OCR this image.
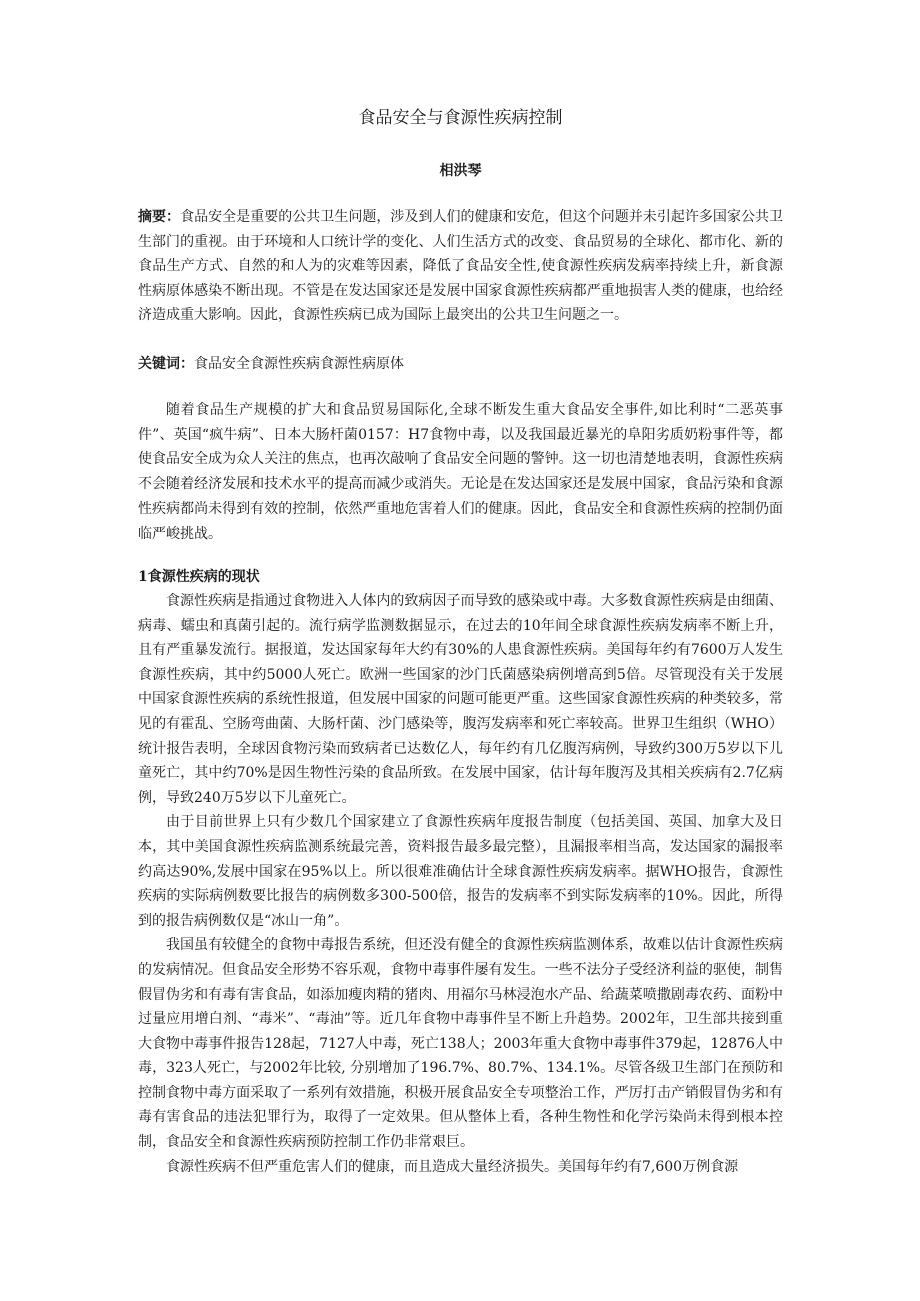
食品安全与食源性疾病控制

相洪琴

摘要：食品安全是重要的公共卫生问题，涉及到人们的健康和安危，但这个问题并未引起许多国家公共卫生部门的重视。由于环境和人口统计学的变化、人们生活方式的改变、食品贸易的全球化、都市化、新的食品生产方式、自然的和人为的灾难等因素，降低了食品安全性,使食源性疾病发病率持续上升，新食源性病原体感染不断出现。不管是在发达国家还是发展中国家食源性疾病都严重地损害人类的健康，也给经济造成重大影响。因此，食源性疾病已成为国际上最突出的公共卫生问题之一。

关键词：食品安全食源性疾病食源性病原体

随着食品生产规模的扩大和食品贸易国际化,全球不断发生重大食品安全事件,如比利时“二恶英事件”、英国“疯牛病”、日本大肠杆菌0157：H7食物中毒，以及我国最近暴光的阜阳劣质奶粉事件等，都使食品安全成为众人关注的焦点，也再次敲响了食品安全问题的警钟。这一切也清楚地表明，食源性疾病不会随着经济发展和技术水平的提高而减少或消失。无论是在发达国家还是发展中国家，食品污染和食源性疾病都尚未得到有效的控制，依然严重地危害着人们的健康。因此，食品安全和食源性疾病的控制仍面临严峻挑战。

1食源性疾病的现状

食源性疾病是指通过食物进入人体内的致病因子而导致的感染或中毒。大多数食源性疾病是由细菌、病毒、蠕虫和真菌引起的。流行病学监测数据显示，在过去的10年间全球食源性疾病发病率不断上升，且有严重暴发流行。据报道，发达国家每年大约有30%的人患食源性疾病。美国每年约有7600万人发生食源性疾病，其中约5000人死亡。欧洲一些国家的沙门氏菌感染病例增高到5倍。尽管现没有关于发展中国家食源性疾病的系统性报道，但发展中国家的问题可能更严重。这些国家食源性疾病的种类较多，常见的有霍乱、空肠弯曲菌、大肠杆菌、沙门感染等，腹泻发病率和死亡率较高。世界卫生组织（WHO）统计报告表明，全球因食物污染而致病者已达数亿人，每年约有几亿腹泻病例，导致约300万5岁以下儿童死亡，其中约70%是因生物性污染的食品所致。在发展中国家，估计每年腹泻及其相关疾病有2.7亿病例，导致240万5岁以下儿童死亡。

由于目前世界上只有少数几个国家建立了食源性疾病年度报告制度（包括美国、英国、加拿大及日本，其中美国食源性疾病监测系统最完善，资料报告最多最完整），且漏报率相当高，发达国家的漏报率约高达90%,发展中国家在95%以上。所以很难准确估计全球食源性疾病发病率。据WHO报告，食源性疾病的实际病例数要比报告的病例数多300-500倍，报告的发病率不到实际发病率的10%。因此，所得到的报告病例数仅是“冰山一角”。

我国虽有较健全的食物中毒报告系统，但还没有健全的食源性疾病监测体系，故难以估计食源性疾病的发病情况。但食品安全形势不容乐观，食物中毒事件屡有发生。一些不法分子受经济利益的驱使，制售假冒伪劣和有毒有害食品，如添加瘦肉精的猪肉、用福尔马林浸泡水产品、给蔬菜喷撒剧毒农药、面粉中过量应用增白剂、“毒米”、“毒油”等。近几年食物中毒事件呈不断上升趋势。2002年，卫生部共接到重大食物中毒事件报告128起，7127人中毒，死亡138人；2003年重大食物中毒事件379起，12876人中毒，323人死亡，与2002年比较, 分别增加了196.7%、80.7%、134.1%。尽管各级卫生部门在预防和控制食物中毒方面采取了一系列有效措施，积极开展食品安全专项整治工作，严厉打击产销假冒伪劣和有毒有害食品的违法犯罪行为，取得了一定效果。但从整体上看，各种生物性和化学污染尚未得到根本控制，食品安全和食源性疾病预防控制工作仍非常艰巨。

食源性疾病不但严重危害人们的健康，而且造成大量经济损失。美国每年约有7,600万例食源
